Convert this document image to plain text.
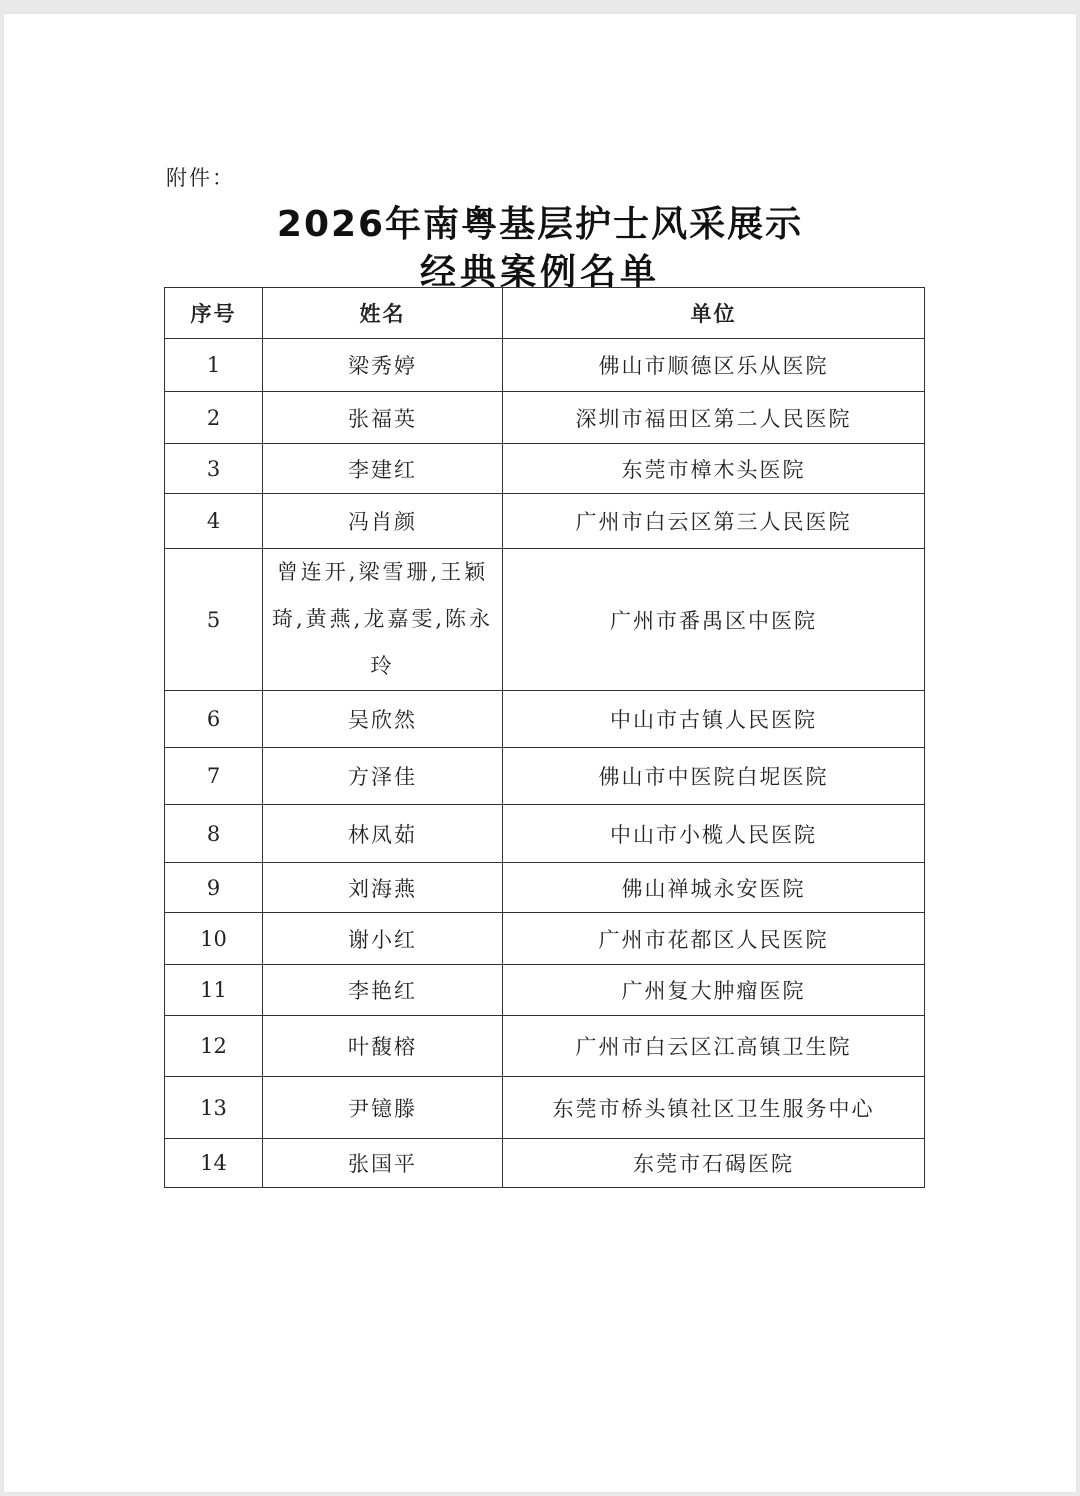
附件：
2026年南粤基层护士风采展示
经典案例名单
序号	姓名	单位
1	梁秀婷	佛山市顺德区乐从医院
2	张福英	深圳市福田区第二人民医院
3	李建红	东莞市樟木头医院
4	冯肖颜	广州市白云区第三人民医院
5	曾连开,梁雪珊,王颖琦,黄燕,龙嘉雯,陈永玲	广州市番禺区中医院
6	吴欣然	中山市古镇人民医院
7	方泽佳	佛山市中医院白坭医院
8	林凤茹	中山市小榄人民医院
9	刘海燕	佛山禅城永安医院
10	谢小红	广州市花都区人民医院
11	李艳红	广州复大肿瘤医院
12	叶馥榕	广州市白云区江高镇卫生院
13	尹镱滕	东莞市桥头镇社区卫生服务中心
14	张国平	东莞市石碣医院
